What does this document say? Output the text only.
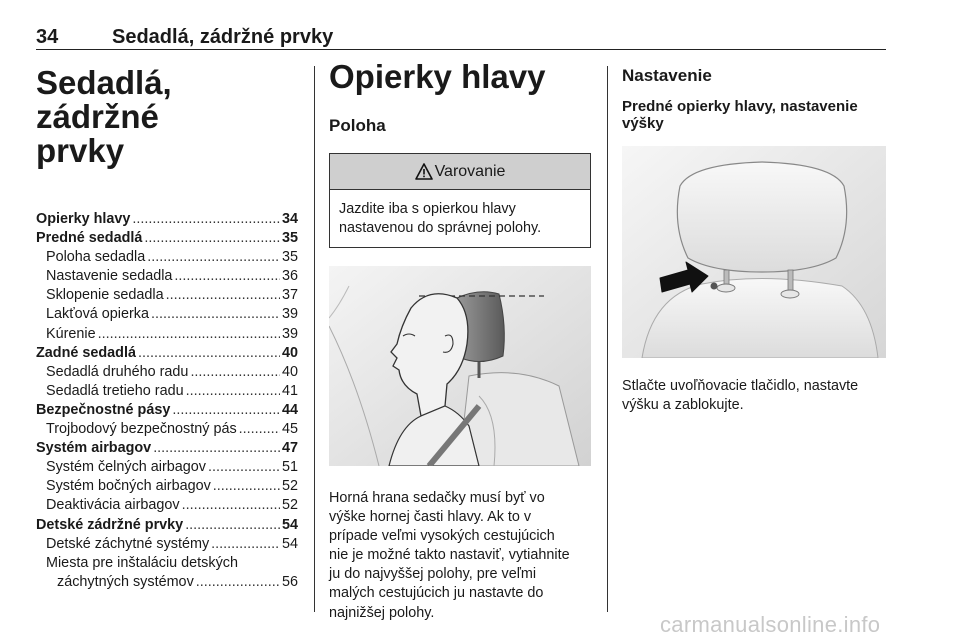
34	Sedadlá, zádržné prvky
Sedadlá, zádržné
prvky
Opierky hlavy .....	34
Predné sedadlá .....	35
Poloha sedadla .....	35
Nastavenie sedadla .....	36
Sklopenie sedadla .....	37
Lakťová opierka .....	39
Kúrenie .....	39
Zadné sedadlá .....	40
Sedadlá druhého radu .....	40
Sedadlá tretieho radu .....	41
Bezpečnostné pásy .....	44
Trojbodový bezpečnostný pás .....	45
Systém airbagov .....	47
Systém čelných airbagov .....	51
Systém bočných airbagov .....	52
Deaktivácia airbagov .....	52
Detské zádržné prvky .....	54
Detské záchytné systémy .....	54
Miesta pre inštaláciu detských
záchytných systémov .....	56
Opierky hlavy
Poloha
Varovanie
Jazdite iba s opierkou hlavy
nastavenou do správnej polohy.
Horná hrana sedačky musí byť vo
výške hornej časti hlavy. Ak to v
prípade veľmi vysokých cestujúcich
nie je možné takto nastaviť, vytiahnite
ju do najvyššej polohy, pre veľmi
malých cestujúcich ju nastavte do
najnižšej polohy.
Nastavenie
Predné opierky hlavy, nastavenie
výšky
Stlačte uvoľňovacie tlačidlo, nastavte
výšku a zablokujte.
carmanualsonline.info
